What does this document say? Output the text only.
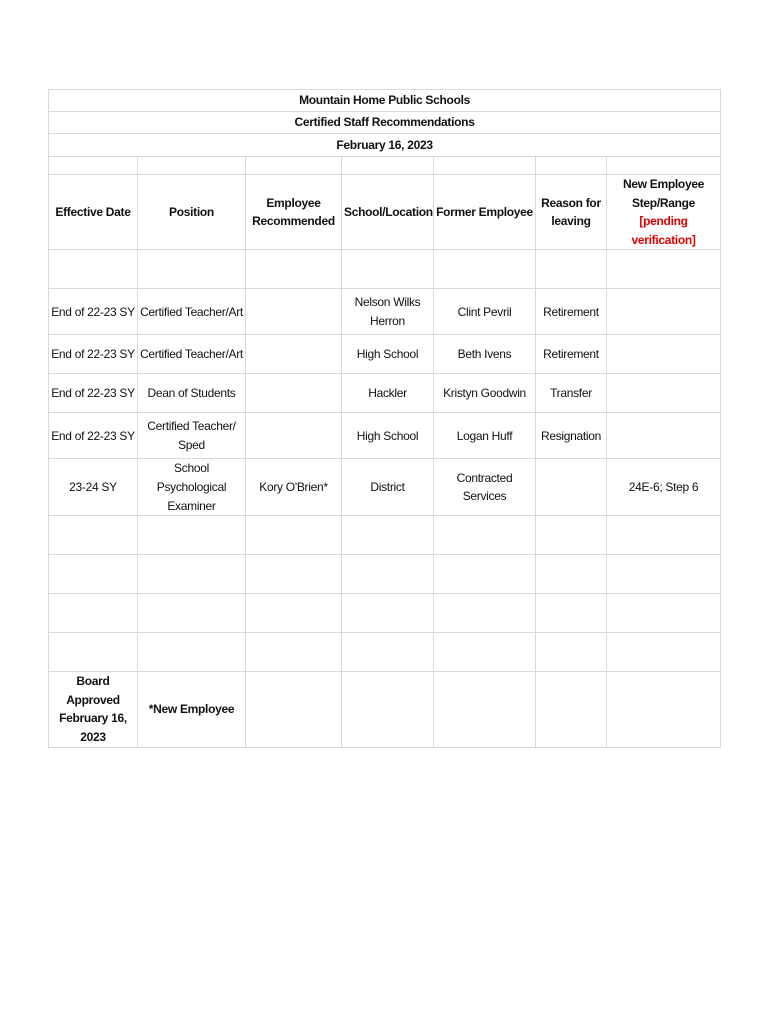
Mountain Home Public Schools						
Certified Staff Recommendations						
February 16, 2023						

Effective Date	Position	Employee Recommended	School/Location	Former Employee	Reason for leaving	New Employee Step/Range [pending verification]

End of 22-23 SY	Certified Teacher/Art		Nelson Wilks Herron	Clint Pevril	Retirement	
End of 22-23 SY	Certified Teacher/Art		High School	Beth Ivens	Retirement	
End of 22-23 SY	Dean of Students		Hackler	Kristyn Goodwin	Transfer	
End of 22-23 SY	Certified Teacher/ Sped		High School	Logan Huff	Resignation	
23-24 SY	School Psychological Examiner	Kory O'Brien*	District	Contracted Services		24E-6; Step 6

Board Approved February 16, 2023	*New Employee					
